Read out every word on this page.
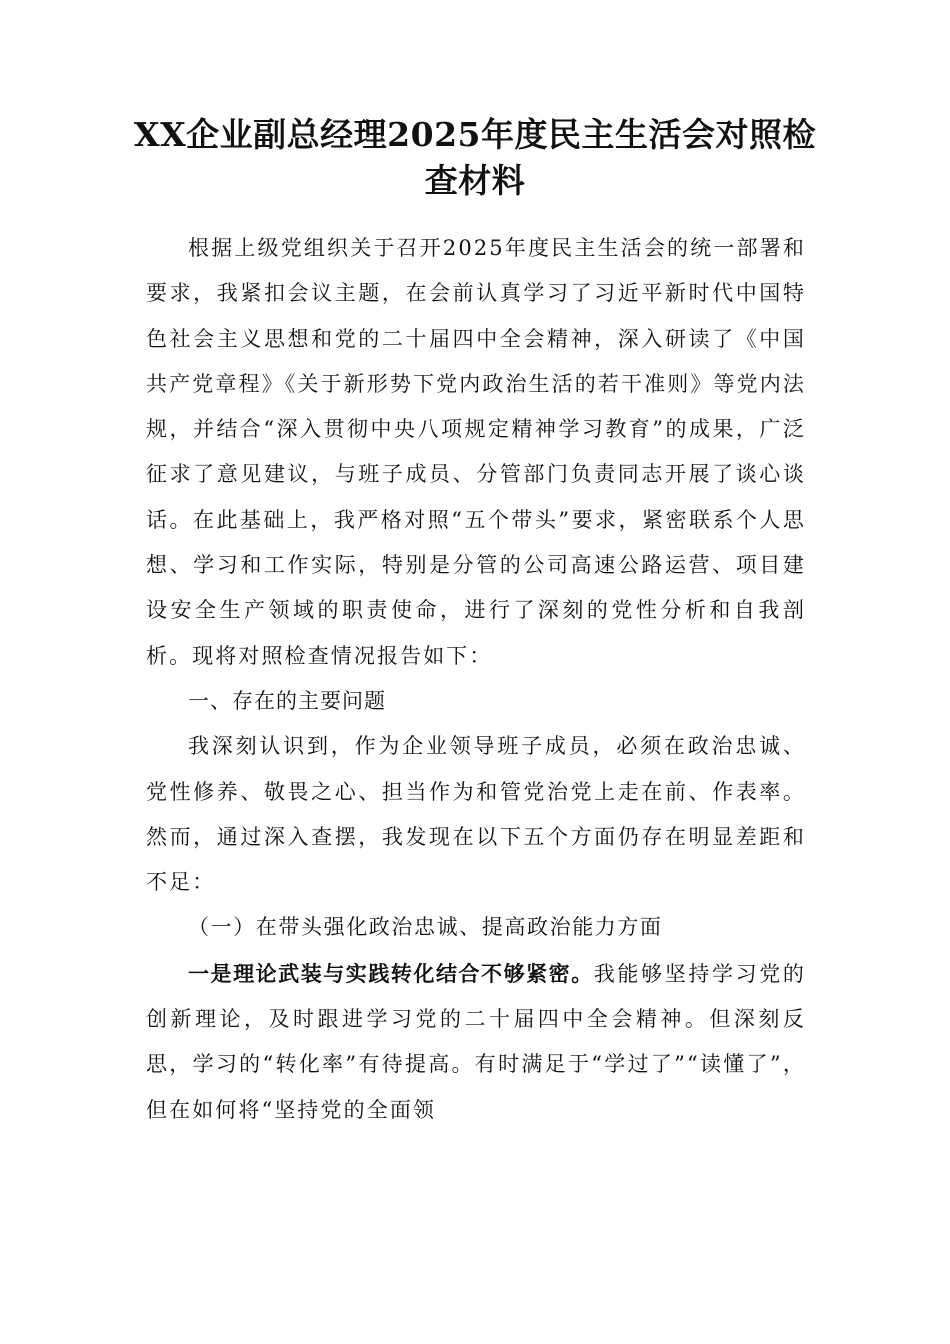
XX企业副总经理2025年度民主生活会对照检查材料

根据上级党组织关于召开2025年度民主生活会的统一部署和要求，我紧扣会议主题，在会前认真学习了习近平新时代中国特色社会主义思想和党的二十届四中全会精神，深入研读了《中国共产党章程》《关于新形势下党内政治生活的若干准则》等党内法规，并结合“深入贯彻中央八项规定精神学习教育”的成果，广泛征求了意见建议，与班子成员、分管部门负责同志开展了谈心谈话。在此基础上，我严格对照“五个带头”要求，紧密联系个人思想、学习和工作实际，特别是分管的公司高速公路运营、项目建设安全生产领域的职责使命，进行了深刻的党性分析和自我剖析。现将对照检查情况报告如下：

一、存在的主要问题

我深刻认识到，作为企业领导班子成员，必须在政治忠诚、党性修养、敬畏之心、担当作为和管党治党上走在前、作表率。然而，通过深入查摆，我发现在以下五个方面仍存在明显差距和不足：

（一）在带头强化政治忠诚、提高政治能力方面

一是理论武装与实践转化结合不够紧密。我能够坚持学习党的创新理论，及时跟进学习党的二十届四中全会精神。但深刻反思，学习的“转化率”有待提高。有时满足于“学过了”“读懂了”，但在如何将“坚持党的全面领
